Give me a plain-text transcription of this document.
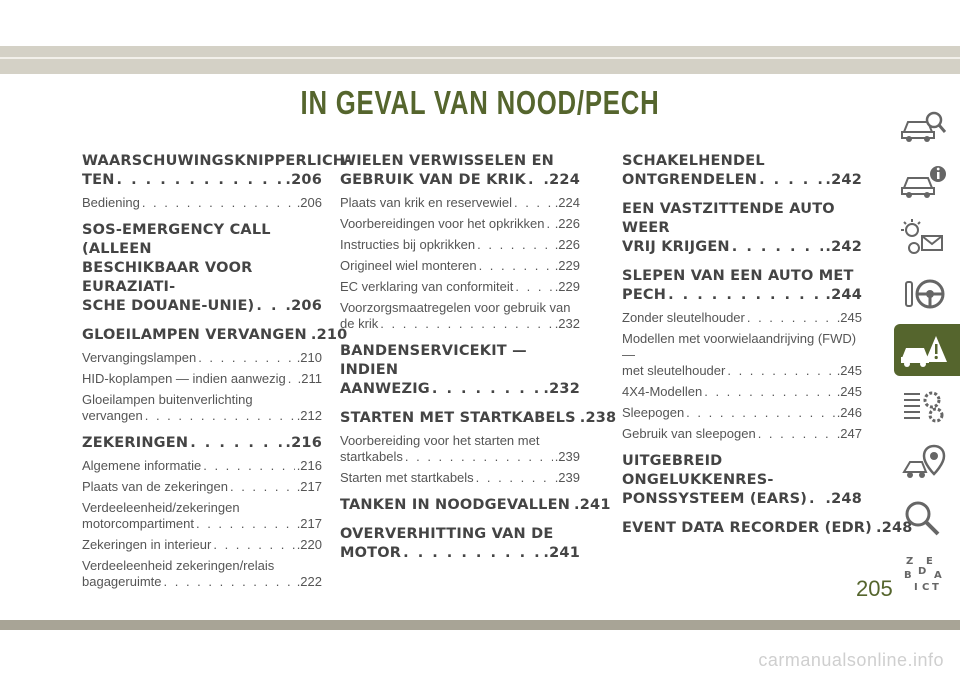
IN GEVAL VAN NOOD/PECH
WAARSCHUWINGSKNIPPERLICH-
TEN . . .	.206
Bediening . . .	.206
SOS-EMERGENCY CALL (ALLEEN
BESCHIKBAAR VOOR EURAZIATI-
SCHE DOUANE-UNIE) . . . .206
GLOEILAMPEN VERVANGEN .210
Vervangingslampen . . .	.210
HID-koplampen — indien aanwezig . . . .211
Gloeilampen buitenverlichting
vervangen . . .	.212
ZEKERINGEN . . .	.216
Algemene informatie . . .	.216
Plaats van de zekeringen . . .	.217
Verdeeleenheid/zekeringen
motorcompartiment . . .	.217
Zekeringen in interieur . . .	.220
Verdeeleenheid zekeringen/relais
bagageruimte . . .	.222
WIELEN VERWISSELEN EN
GEBRUIK VAN DE KRIK . . . .224
Plaats van krik en reservewiel . . .	.224
Voorbereidingen voor het opkrikken . . . .226
Instructies bij opkrikken . . .	.226
Origineel wiel monteren . . .	.229
EC verklaring van conformiteit . . .	.229
Voorzorgsmaatregelen voor gebruik van
de krik . . .	.232
BANDENSERVICEKIT — INDIEN
AANWEZIG . . .	.232
STARTEN MET STARTKABELS .238
Voorbereiding voor het starten met
startkabels . . .	.239
Starten met startkabels . . .	.239
TANKEN IN NOODGEVALLEN .241
OVERVERHITTING VAN DE
MOTOR . . .	.241
SCHAKELHENDEL
ONTGRENDELEN . . .	.242
EEN VASTZITTENDE AUTO WEER
VRIJ KRIJGEN . . .	.242
SLEPEN VAN EEN AUTO MET
PECH . . .	.244
Zonder sleutelhouder . . .	.245
Modellen met voorwielaandrijving (FWD) —
met sleutelhouder . . .	.245
4X4-Modellen . . .	.245
Sleepogen . . .	.246
Gebruik van sleepogen . . .	.247
UITGEBREID ONGELUKKENRES-
PONSSYSTEEM (EARS) . . . .248
EVENT DATA RECORDER (EDR) .248
Z E
B A
I C T
D
205
carmanualsonline.info
